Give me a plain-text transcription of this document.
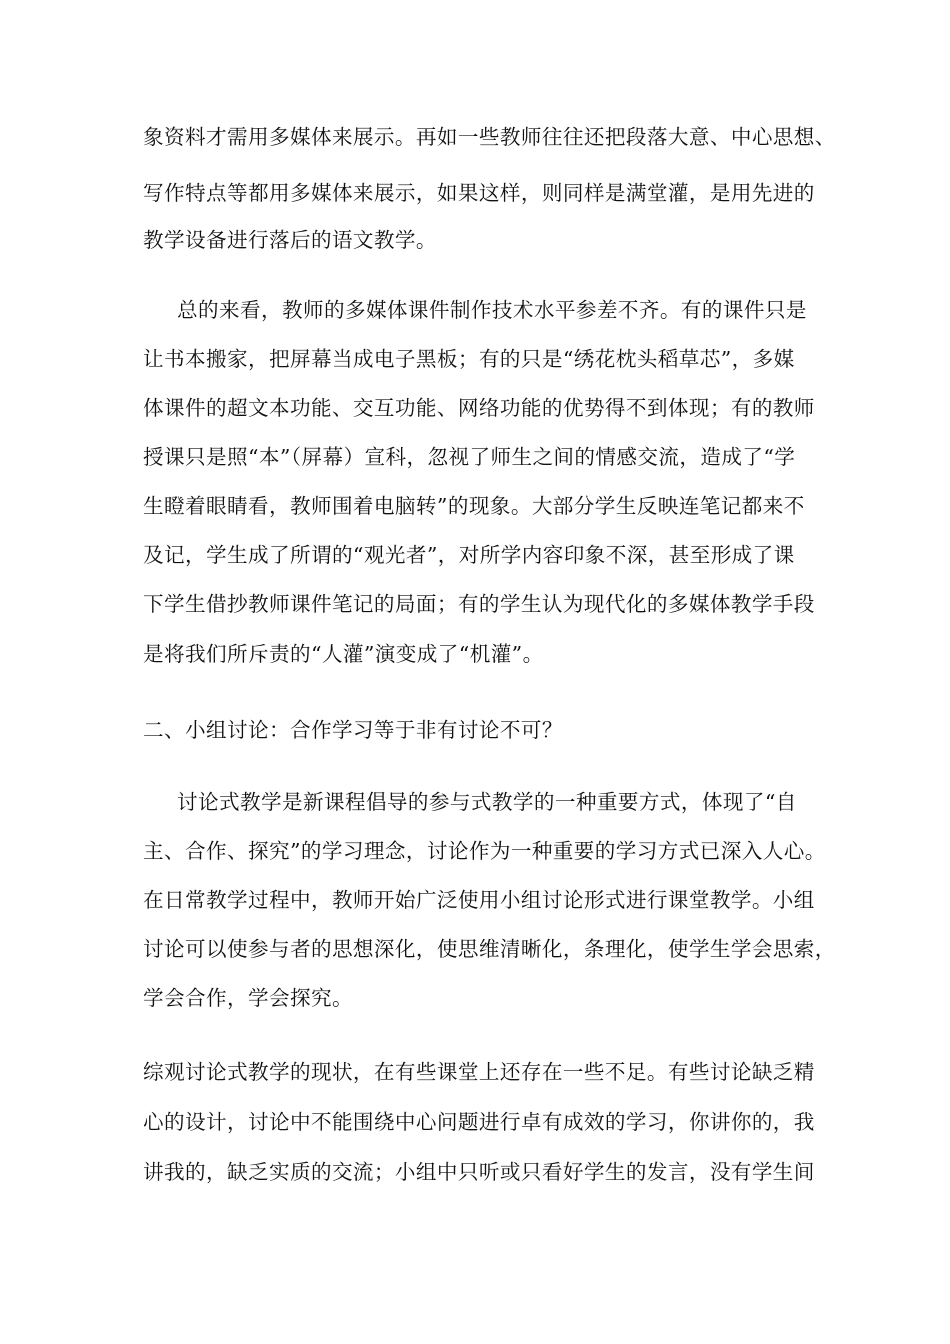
象资料才需用多媒体来展示。再如一些教师往往还把段落大意、中心思想、
写作特点等都用多媒体来展示，如果这样，则同样是满堂灌，是用先进的
教学设备进行落后的语文教学。
总的来看，教师的多媒体课件制作技术水平参差不齐。有的课件只是
让书本搬家，把屏幕当成电子黑板；有的只是“绣花枕头稻草芯”，多媒
体课件的超文本功能、交互功能、网络功能的优势得不到体现；有的教师
授课只是照“本”（屏幕）宣科，忽视了师生之间的情感交流，造成了“学
生瞪着眼睛看，教师围着电脑转”的现象。大部分学生反映连笔记都来不
及记，学生成了所谓的“观光者”，对所学内容印象不深，甚至形成了课
下学生借抄教师课件笔记的局面；有的学生认为现代化的多媒体教学手段
是将我们所斥责的“人灌”演变成了“机灌”。
二、小组讨论：合作学习等于非有讨论不可？
讨论式教学是新课程倡导的参与式教学的一种重要方式，体现了“自
主、合作、探究”的学习理念，讨论作为一种重要的学习方式已深入人心。
在日常教学过程中，教师开始广泛使用小组讨论形式进行课堂教学。小组
讨论可以使参与者的思想深化，使思维清晰化，条理化，使学生学会思索，
学会合作，学会探究。
综观讨论式教学的现状，在有些课堂上还存在一些不足。有些讨论缺乏精
心的设计，讨论中不能围绕中心问题进行卓有成效的学习，你讲你的，我
讲我的，缺乏实质的交流；小组中只听或只看好学生的发言，没有学生间
